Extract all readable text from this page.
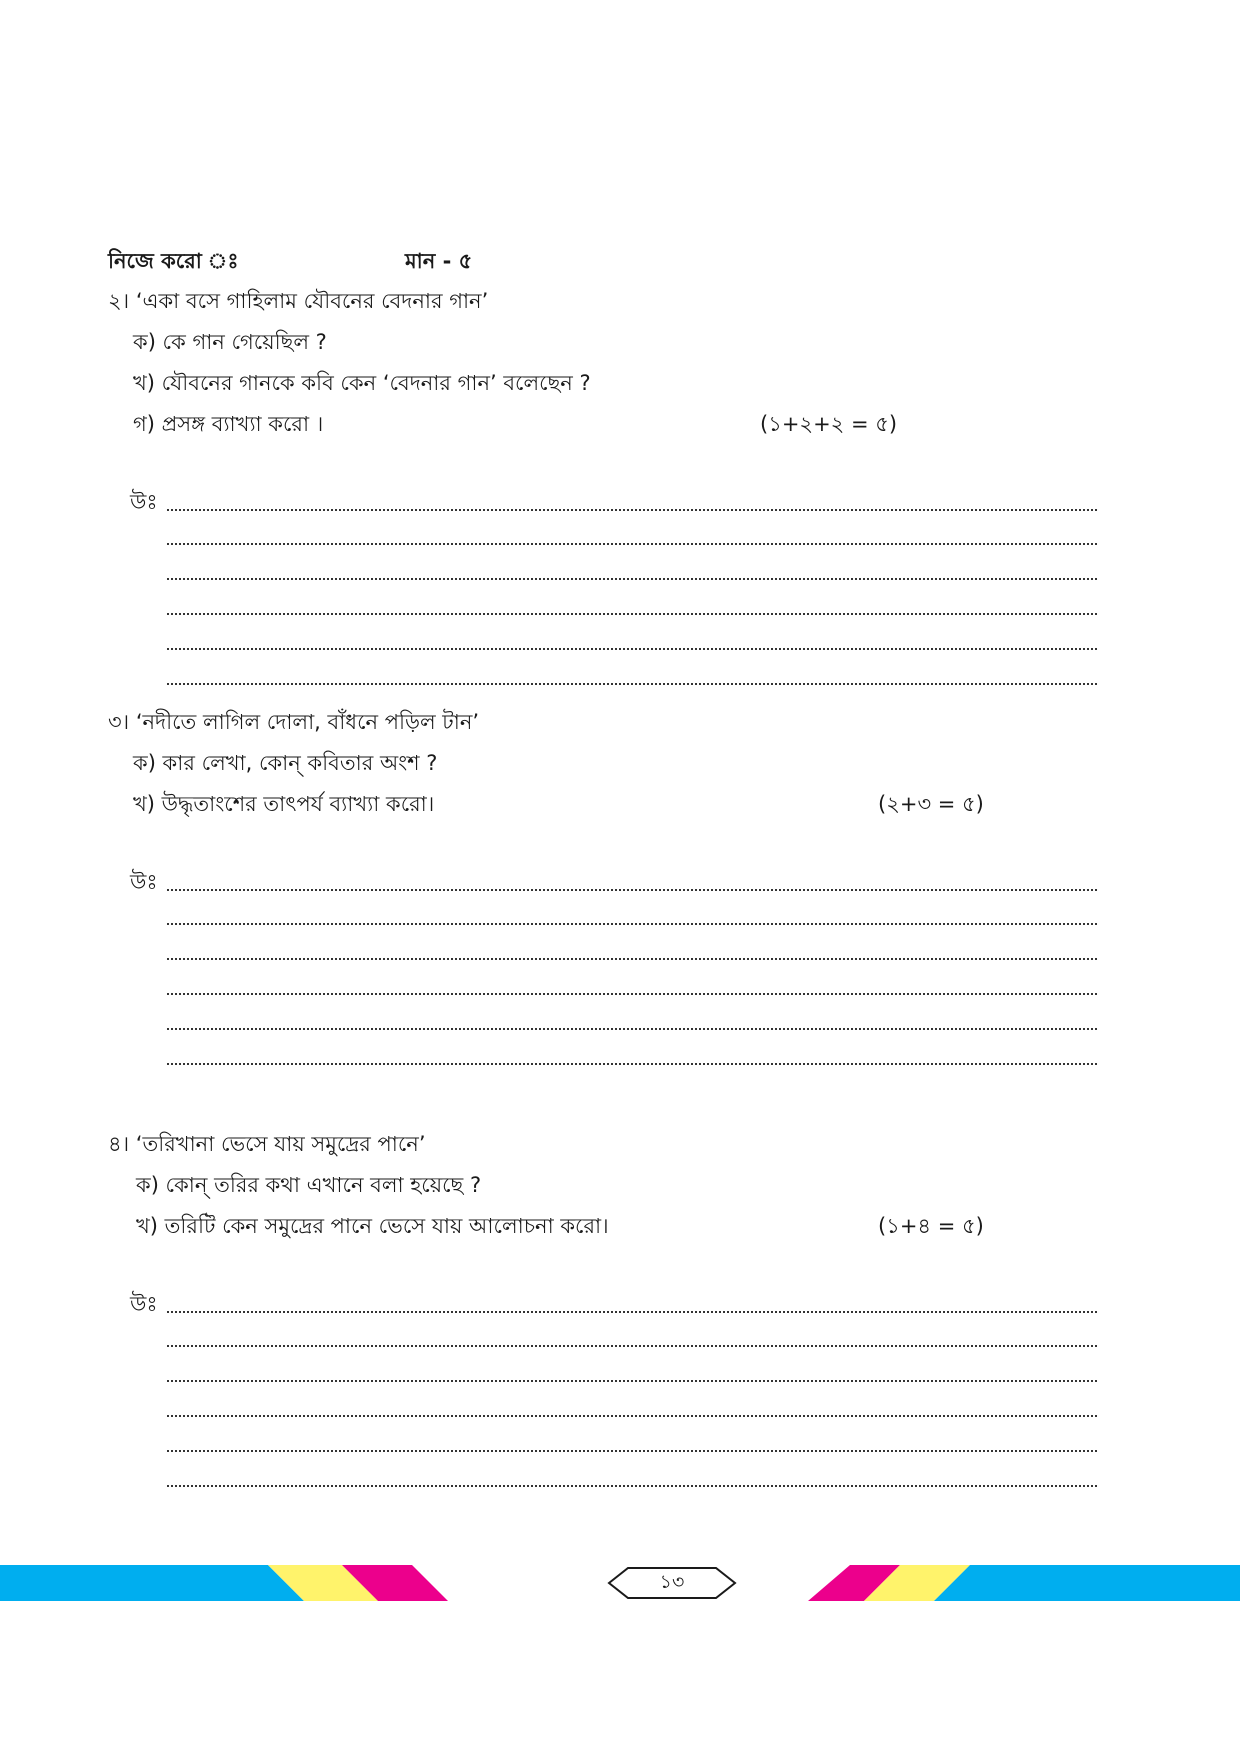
নিজে করো ঃ	মান - ৫
২। ‘একা বসে গাহিলাম যৌবনের বেদনার গান’
ক) কে গান গেয়েছিল ?
খ) যৌবনের গানকে কবি কেন ‘বেদনার গান’ বলেছেন ?
গ) প্রসঙ্গ ব্যাখ্যা করো ।	(১+২+২ = ৫)
উঃ
৩। ‘নদীতে লাগিল দোলা, বাঁধনে পড়িল টান’
ক) কার লেখা, কোন্ কবিতার অংশ ?
খ) উদ্ধৃতাংশের তাৎপর্য ব্যাখ্যা করো।	(২+৩ = ৫)
উঃ
৪। ‘তরিখানা ভেসে যায় সমুদ্রের পানে’
ক) কোন্ তরির কথা এখানে বলা হয়েছে ?
খ) তরিটি কেন সমুদ্রের পানে ভেসে যায় আলোচনা করো।	(১+৪ = ৫)
উঃ
১৩
